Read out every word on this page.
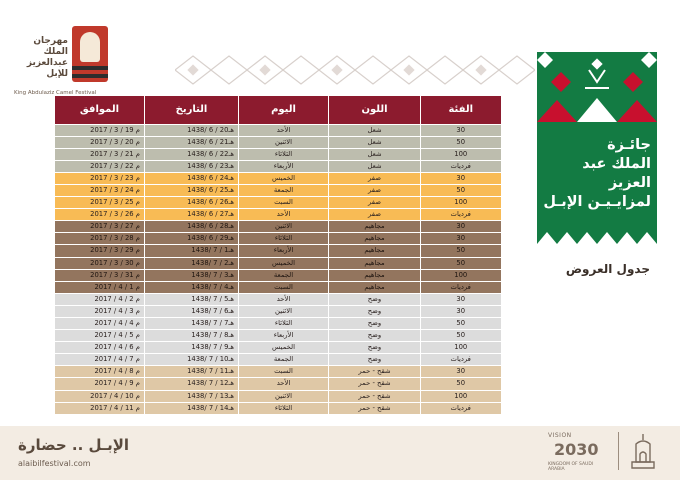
مهرجان
الملك
عبدالعزيز
للإبل
King Abdulaziz Camel Festival
جائـزة
الملك عبد العزيز
لمزايـيـن الإبـل
جدول العروض
الموافق	التاريخ	اليوم	اللون	الفئة
2017 / 3 / 19 م	1438/ 6 / 20هـ	الأحد	شعل	30
2017 / 3 / 20 م	1438/ 6 / 21هـ	الاثنين	شعل	50
2017 / 3 / 21 م	1438/ 6 / 22هـ	الثلاثاء	شعل	100
2017 / 3 / 22 م	1438/ 6 / 23هـ	الأربعاء	شعل	فرديات
2017 / 3 / 23 م	1438/ 6 / 24هـ	الخميس	صفر	30
2017 / 3 / 24 م	1438/ 6 / 25هـ	الجمعة	صفر	50
2017 / 3 / 25 م	1438/ 6 / 26هـ	السبت	صفر	100
2017 / 3 / 26 م	1438/ 6 / 27هـ	الأحد	صفر	فرديات
2017 / 3 / 27 م	1438/ 6 / 28هـ	الاثنين	مجاهيم	30
2017 / 3 / 28 م	1438/ 6 / 29هـ	الثلاثاء	مجاهيم	30
2017 / 3 / 29 م	1438/ 7 / 1هـ	الأربعاء	مجاهيم	50
2017 / 3 / 30 م	1438/ 7 / 2هـ	الخميس	مجاهيم	50
2017 / 3 / 31 م	1438/ 7 / 3هـ	الجمعة	مجاهيم	100
2017 / 4 / 1 م	1438/ 7 / 4هـ	السبت	مجاهيم	فرديات
2017 / 4 / 2 م	1438/ 7 / 5هـ	الأحد	وضح	30
2017 / 4 / 3 م	1438/ 7 / 6هـ	الاثنين	وضح	30
2017 / 4 / 4 م	1438/ 7 / 7هـ	الثلاثاء	وضح	50
2017 / 4 / 5 م	1438/ 7 / 8هـ	الأربعاء	وضح	50
2017 / 4 / 6 م	1438/ 7 / 9هـ	الخميس	وضح	100
2017 / 4 / 7 م	1438/ 7 / 10هـ	الجمعة	وضح	فرديات
2017 / 4 / 8 م	1438/ 7 / 11هـ	السبت	شقح - حمر	30
2017 / 4 / 9 م	1438/ 7 / 12هـ	الأحد	شقح - حمر	50
2017 / 4 / 10 م	1438/ 7 / 13هـ	الاثنين	شقح - حمر	100
2017 / 4 / 11 م	1438/ 7 / 14هـ	الثلاثاء	شقح - حمر	فرديات
الإبـل .. حضارة
alaibilfestival.com
VISION
2030
KINGDOM OF SAUDI ARABIA
